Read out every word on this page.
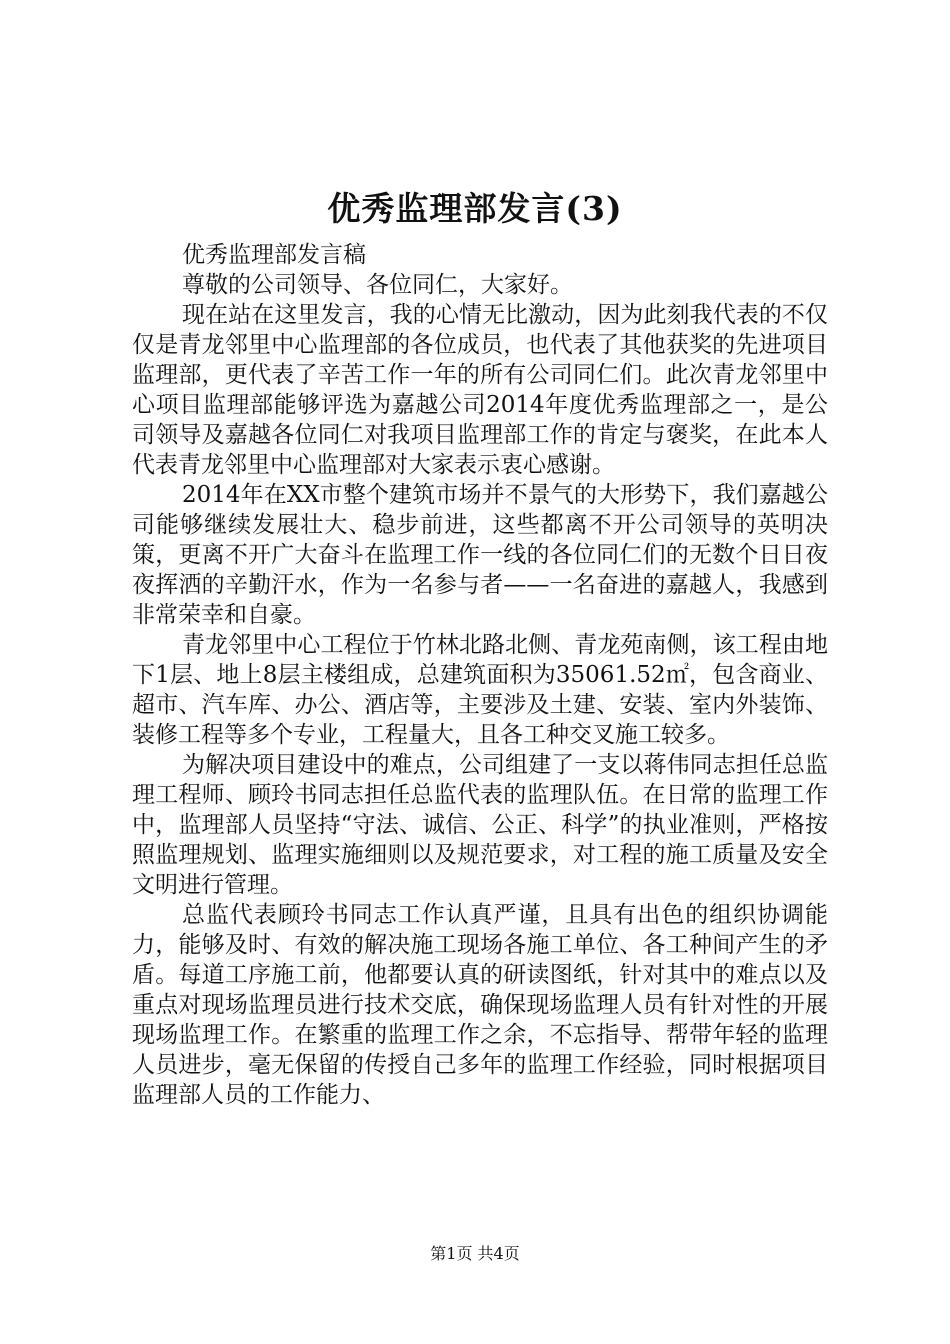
优秀监理部发言(3)

优秀监理部发言稿

尊敬的公司领导、各位同仁，大家好。

现在站在这里发言，我的心情无比激动，因为此刻我代表的不仅仅是青龙邻里中心监理部的各位成员，也代表了其他获奖的先进项目监理部，更代表了辛苦工作一年的所有公司同仁们。此次青龙邻里中心项目监理部能够评选为嘉越公司2014年度优秀监理部之一，是公司领导及嘉越各位同仁对我项目监理部工作的肯定与褒奖，在此本人代表青龙邻里中心监理部对大家表示衷心感谢。

2014年在XX市整个建筑市场并不景气的大形势下，我们嘉越公司能够继续发展壮大、稳步前进，这些都离不开公司领导的英明决策，更离不开广大奋斗在监理工作一线的各位同仁们的无数个日日夜夜挥洒的辛勤汗水，作为一名参与者——一名奋进的嘉越人，我感到非常荣幸和自豪。

青龙邻里中心工程位于竹林北路北侧、青龙苑南侧，该工程由地下1层、地上8层主楼组成，总建筑面积为35061.52㎡，包含商业、超市、汽车库、办公、酒店等，主要涉及土建、安装、室内外装饰、装修工程等多个专业，工程量大，且各工种交叉施工较多。

为解决项目建设中的难点，公司组建了一支以蒋伟同志担任总监理工程师、顾玲书同志担任总监代表的监理队伍。在日常的监理工作中，监理部人员坚持“守法、诚信、公正、科学”的执业准则，严格按照监理规划、监理实施细则以及规范要求，对工程的施工质量及安全文明进行管理。

总监代表顾玲书同志工作认真严谨，且具有出色的组织协调能力，能够及时、有效的解决施工现场各施工单位、各工种间产生的矛盾。每道工序施工前，他都要认真的研读图纸，针对其中的难点以及重点对现场监理员进行技术交底，确保现场监理人员有针对性的开展现场监理工作。在繁重的监理工作之余，不忘指导、帮带年轻的监理人员进步，毫无保留的传授自己多年的监理工作经验，同时根据项目监理部人员的工作能力、

第1页 共4页
